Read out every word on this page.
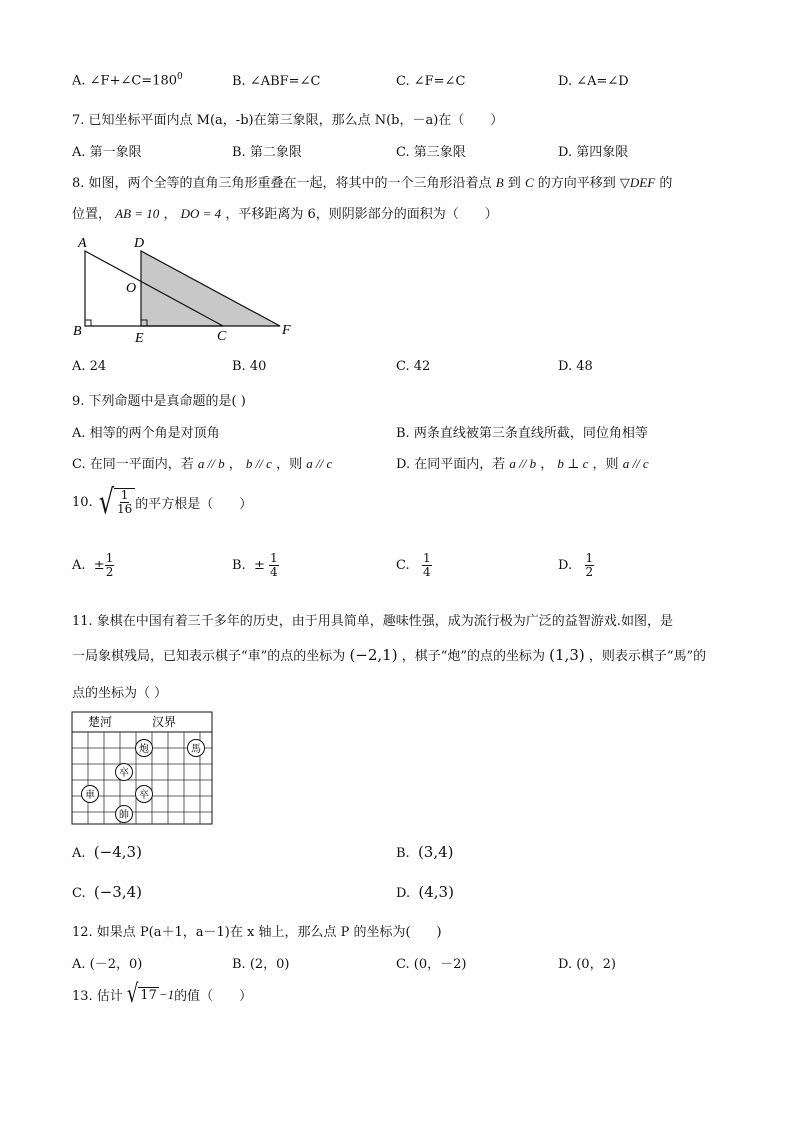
A. $\angle F+\angle C=180^0$	B. ∠ABF=∠C	C. ∠F=∠C	D. ∠A=∠D
7. 已知坐标平面内点 M(a，-b)在第三象限，那么点 N(b，－a)在（　　）
A. 第一象限	B. 第二象限	C. 第三象限	D. 第四象限
8. 如图，两个全等的直角三角形重叠在一起，将其中的一个三角形沿着点 B 到 C 的方向平移到 ▽DEF 的
位置， AB = 10 ， DO = 4 ，平移距离为 6，则阴影部分的面积为（　　）
A	D
O
B	E	C	F
A. 24	B. 40	C. 42	D. 48
9. 下列命题中是真命题的是( )
A. 相等的两个角是对顶角	B. 两条直线被第三条直线所截，同位角相等
C. 在同一平面内，若 a // b ， b // c ，则 a // c	D. 在同平面内，若 a // b ， b ⊥ c ，则 a // c
10. √ $\frac{1}{16}$ 的平方根是（　　）
A.
± $\frac{1}{2}$	B.
±
$\frac{1}{4}$	C.
$\frac{1}{4}$	D.
$\frac{1}{2}$
11. 象棋在中国有着三千多年的历史，由于用具简单，趣味性强，成为流行极为广泛的益智游戏.如图，是
一局象棋残局，已知表示棋子“車”的点的坐标为 (−2,1) ，棋子“炮”的点的坐标为 (1,3) ，则表示棋子“馬”的
点的坐标为（ ）
楚河	汉界
炮	馬
卒
車	卒
帥
A. (−4,3)	B. (3,4)
C. (−3,4)	D. (4,3)
12. 如果点 P(a＋1，a－1)在 x 轴上，那么点 P 的坐标为(　　)
A. (－2，0)	B. (2，0)	C. (0，－2)	D. (0，2)
13. 估计 √ 17 −1 的值（　　）
